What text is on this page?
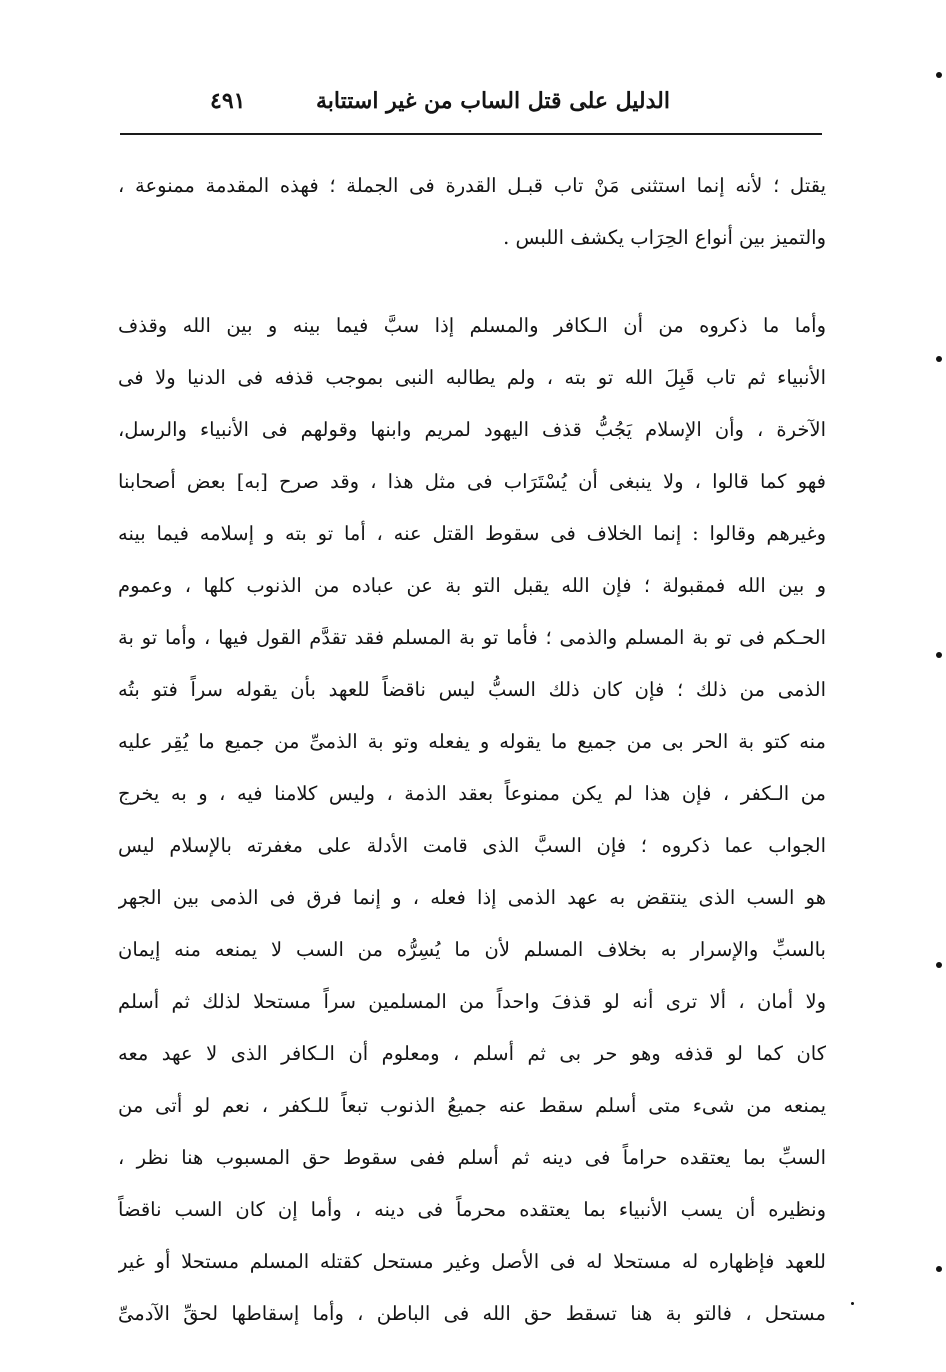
الدليل على قتل الساب من غير استتابة
٤٩١
يقتل ؛ لأنه إنما استثنى مَنْ تاب قبـل القدرة فى الجملة ؛ فهذه المقدمة ممنوعة ،
والتميز بين أنواع الحِرَاب يكشف اللبس .
وأما ما ذكروه من أن الـكافر والمسلم إذا سبَّ فيما بينه و بين الله وقذف
الأنبياء ثم تاب قَبِلَ الله تو بته ، ولم يطالبه النبى بموجب قذفه فى الدنيا ولا فى
الآخرة ، وأن الإسلام يَجُبُّ قذف اليهود لمريم وابنها وقولهم فى الأنبياء والرسل،
فهو كما قالوا ، ولا ينبغى أن يُسْتَرَاب فى مثل هذا ، وقد صرح [به] بعض أصحابنا
وغيرهم وقالوا : إنما الخلاف فى سقوط القتل عنه ، أما تو بته و إسلامه فيما بينه
و بين الله فمقبولة ؛ فإن الله يقبل التو بة عن عباده من الذنوب كلها ، وعموم
الحـكم فى تو بة المسلم والذمى ؛ فأما تو بة المسلم فقد تقدَّم القول فيها ، وأما تو بة
الذمى من ذلك ؛ فإن كان ذلك السبُّ ليس ناقضاً للعهد بأن يقوله سراً فتو بتُه
منه كتو بة الحر بى من جميع ما يقوله و يفعله وتو بة الذمىِّ من جميع ما يُقِر عليه
من الـكفر ، فإن هذا لم يكن ممنوعاً بعقد الذمة ، وليس كلامنا فيه ، و به يخرج
الجواب عما ذكروه ؛ فإن السبَّ الذى قامت الأدلة على مغفرته بالإسلام ليس
هو السب الذى ينتقض به عهد الذمى إذا فعله ، و إنما فرق فى الذمى بين الجهر
بالسبِّ والإسرار به بخلاف المسلم لأن ما يُسِرُّه من السب لا يمنعه منه إيمان
ولا أمان ، ألا ترى أنه لو قذفَ واحداً من المسلمين سراً مستحلا لذلك ثم أسلم
كان كما لو قذفه وهو حر بى ثم أسلم ، ومعلوم أن الـكافر الذى لا عهد معه
يمنعه من شىء متى أسلم سقط عنه جميعُ الذنوب تبعاً للـكفر ، نعم لو أتى من
السبِّ بما يعتقده حراماً فى دينه ثم أسلم ففى سقوط حق المسبوب هنا نظر ،
ونظيره أن يسب الأنبياء بما يعتقده محرماً فى دينه ، وأما إن كان السب ناقضاً
للعهد فإظهاره له مستحلا له فى الأصل وغير مستحل كقتله المسلم مستحلا أو غير
مستحل ، فالتو بة هنا تسقط حق الله فى الباطن ، وأما إسقاطها لحقِّ الآدمىِّ
